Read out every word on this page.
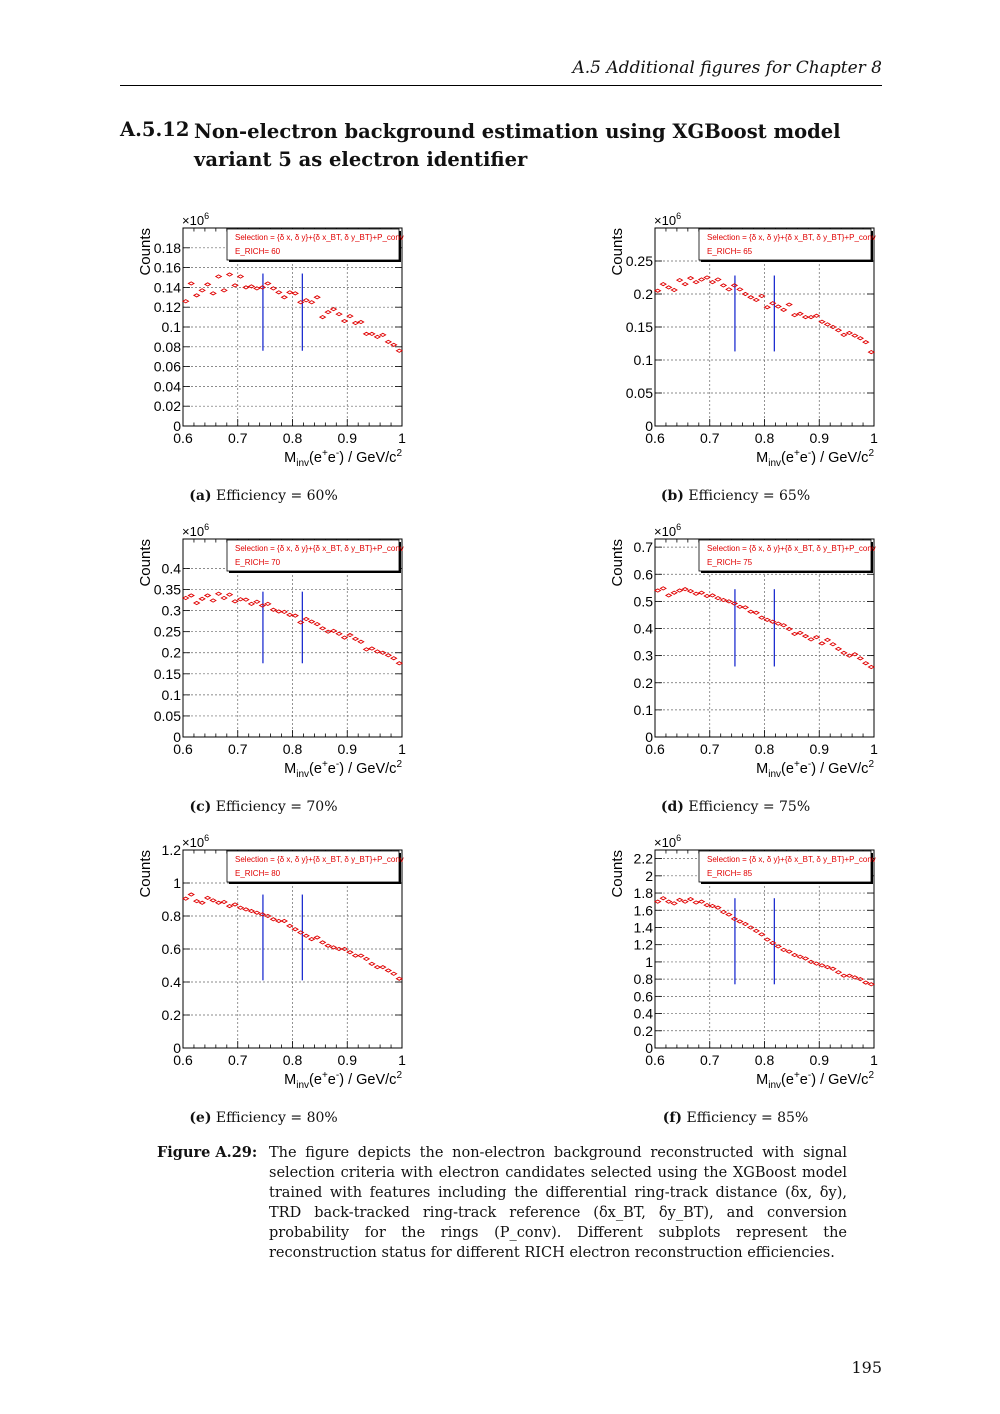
A.5 Additional figures for Chapter 8
A.5.12 Non-electron background estimation using XGBoost model variant 5 as electron identifier
0.6	0.7	0.8	0.9	1
0
0.02
0.04
0.06
0.08
0.1
0.12
0.14
0.16
0.18
$\times 10^6$
Counts
$M_{inv}(e^+e^-) / GeV/c^2$
Selection = {δ x, δ y}+{δ x_BT, δ y_BT}+P_conv
E_RICH= 60
0.6	0.7	0.8	0.9	1
0
0.05
0.1
0.15
0.2
0.25
$\times 10^6$
Counts
$M_{inv}(e^+e^-) / GeV/c^2$
Selection = {δ x, δ y}+{δ x_BT, δ y_BT}+P_conv
E_RICH= 65
0.6	0.7	0.8	0.9	1
0
0.05
0.1
0.15
0.2
0.25
0.3
0.35
0.4
$\times 10^6$
Counts
$M_{inv}(e^+e^-) / GeV/c^2$
Selection = {δ x, δ y}+{δ x_BT, δ y_BT}+P_conv
E_RICH= 70
0.6	0.7	0.8	0.9	1
0
0.1
0.2
0.3
0.4
0.5
0.6
0.7
$\times 10^6$
Counts
$M_{inv}(e^+e^-) / GeV/c^2$
Selection = {δ x, δ y}+{δ x_BT, δ y_BT}+P_conv
E_RICH= 75
0.6	0.7	0.8	0.9	1
0
0.2
0.4
0.6
0.8
1
$1.2 \times 10^6$
Counts
$M_{inv}(e^+e^-) / GeV/c^2$
Selection = {δ x, δ y}+{δ x_BT, δ y_BT}+P_conv
E_RICH= 80
0.6	0.7	0.8	0.9	1
0
0.2
0.4
0.6
0.8
1
1.2
1.4
1.6
1.8
2
2.2
$\times 10^6$
Counts
$M_{inv}(e^+e^-) / GeV/c^2$
Selection = {δ x, δ y}+{δ x_BT, δ y_BT}+P_conv
E_RICH= 85
(a) Efficiency = 60%	(b) Efficiency = 65%
(c) Efficiency = 70%	(d) Efficiency = 75%
(e) Efficiency = 80%	(f) Efficiency = 85%
Figure A.29: The figure depicts the non-electron background reconstructed with signal selection criteria with electron candidates selected using the XGBoost model trained with features including the differential ring-track distance (δx, δy), TRD back-tracked ring-track reference (δx_BT, δy_BT), and conversion probability for the rings (P_conv). Different subplots represent the reconstruction status for different RICH electron reconstruction efficiencies.
195
